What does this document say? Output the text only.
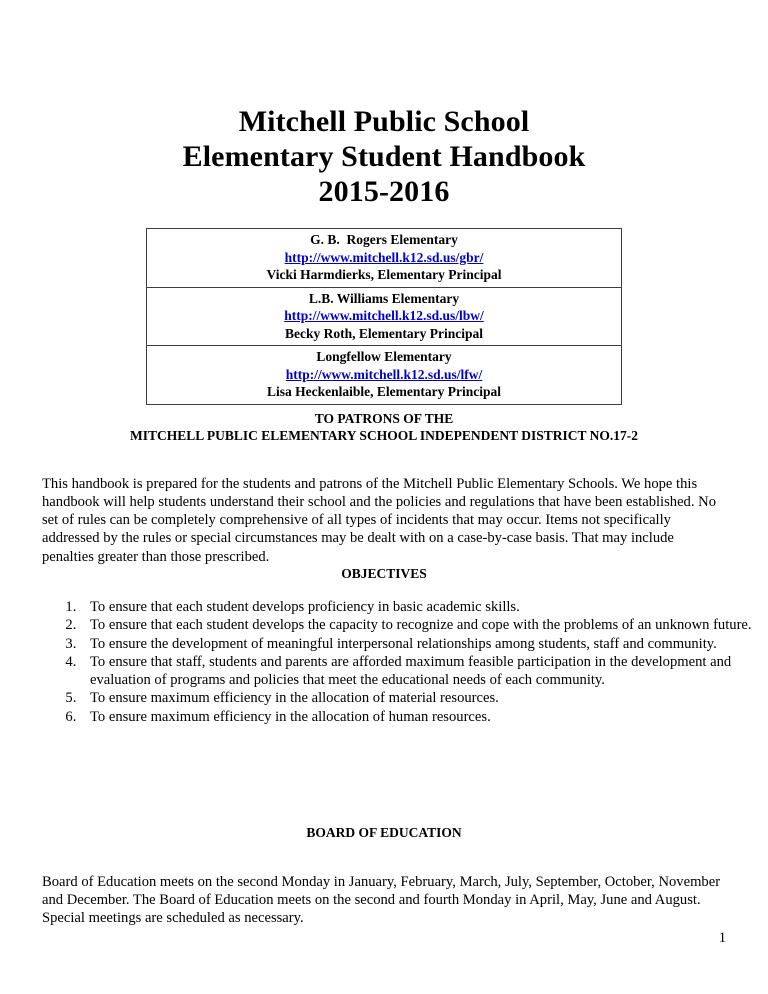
Mitchell Public School
Elementary Student Handbook
2015-2016
G. B.  Rogers Elementary
http://www.mitchell.k12.sd.us/gbr/
Vicki Harmdierks, Elementary Principal

L.B. Williams Elementary
http://www.mitchell.k12.sd.us/lbw/
Becky Roth, Elementary Principal

Longfellow Elementary
http://www.mitchell.k12.sd.us/lfw/
Lisa Heckenlaible, Elementary Principal
TO PATRONS OF THE
MITCHELL PUBLIC ELEMENTARY SCHOOL INDEPENDENT DISTRICT NO.17-2

This handbook is prepared for the students and patrons of the Mitchell Public Elementary Schools. We hope this handbook will help students understand their school and the policies and regulations that have been established. No set of rules can be completely comprehensive of all types of incidents that may occur. Items not specifically addressed by the rules or special circumstances may be dealt with on a case-by-case basis. That may include penalties greater than those prescribed.

OBJECTIVES
1. To ensure that each student develops proficiency in basic academic skills.
2. To ensure that each student develops the capacity to recognize and cope with the problems of an unknown future.
3. To ensure the development of meaningful interpersonal relationships among students, staff and community.
4. To ensure that staff, students and parents are afforded maximum feasible participation in the development and evaluation of programs and policies that meet the educational needs of each community.
5. To ensure maximum efficiency in the allocation of material resources.
6. To ensure maximum efficiency in the allocation of human resources.
BOARD OF EDUCATION

Board of Education meets on the second Monday in January, February, March, July, September, October, November and December. The Board of Education meets on the second and fourth Monday in April, May, June and August. Special meetings are scheduled as necessary.

1
